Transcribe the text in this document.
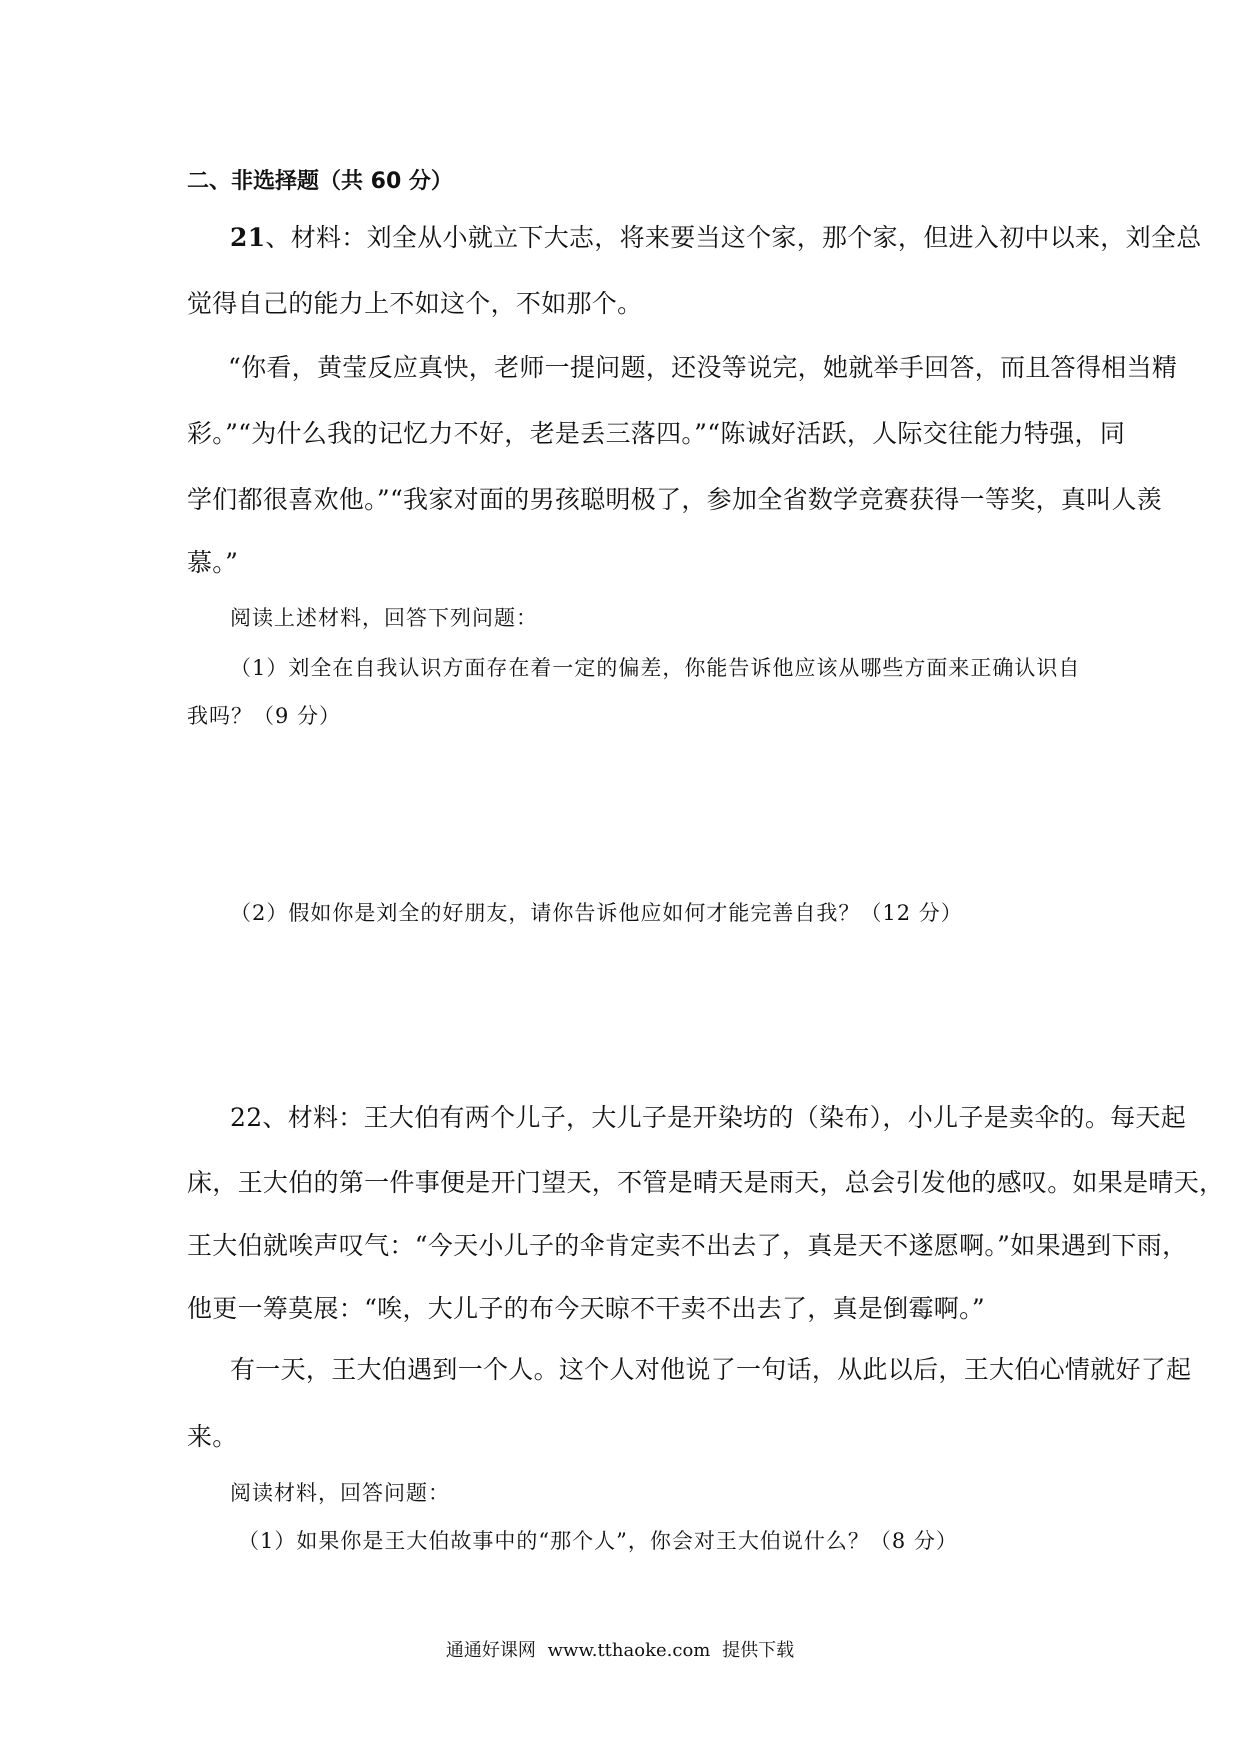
二、非选择题（共 60 分）
21、材料：刘全从小就立下大志，将来要当这个家，那个家，但进入初中以来，刘全总
觉得自己的能力上不如这个，不如那个。
“你看，黄莹反应真快，老师一提问题，还没等说完，她就举手回答，而且答得相当精
彩。”“为什么我的记忆力不好，老是丢三落四。”“陈诚好活跃，人际交往能力特强，同
学们都很喜欢他。”“我家对面的男孩聪明极了，参加全省数学竞赛获得一等奖，真叫人羡
慕。”
阅读上述材料，回答下列问题：
（1）刘全在自我认识方面存在着一定的偏差，你能告诉他应该从哪些方面来正确认识自
我吗？（9 分）
（2）假如你是刘全的好朋友，请你告诉他应如何才能完善自我？（12 分）
22、材料：王大伯有两个儿子，大儿子是开染坊的（染布），小儿子是卖伞的。每天起
床，王大伯的第一件事便是开门望天，不管是晴天是雨天，总会引发他的感叹。如果是晴天，
王大伯就唉声叹气：“今天小儿子的伞肯定卖不出去了，真是天不遂愿啊。”如果遇到下雨，
他更一筹莫展：“唉，大儿子的布今天晾不干卖不出去了，真是倒霉啊。”
有一天，王大伯遇到一个人。这个人对他说了一句话，从此以后，王大伯心情就好了起
来。
阅读材料，回答问题：
（1）如果你是王大伯故事中的“那个人”，你会对王大伯说什么？（8 分）
通通好课网 www.tthaoke.com 提供下载
